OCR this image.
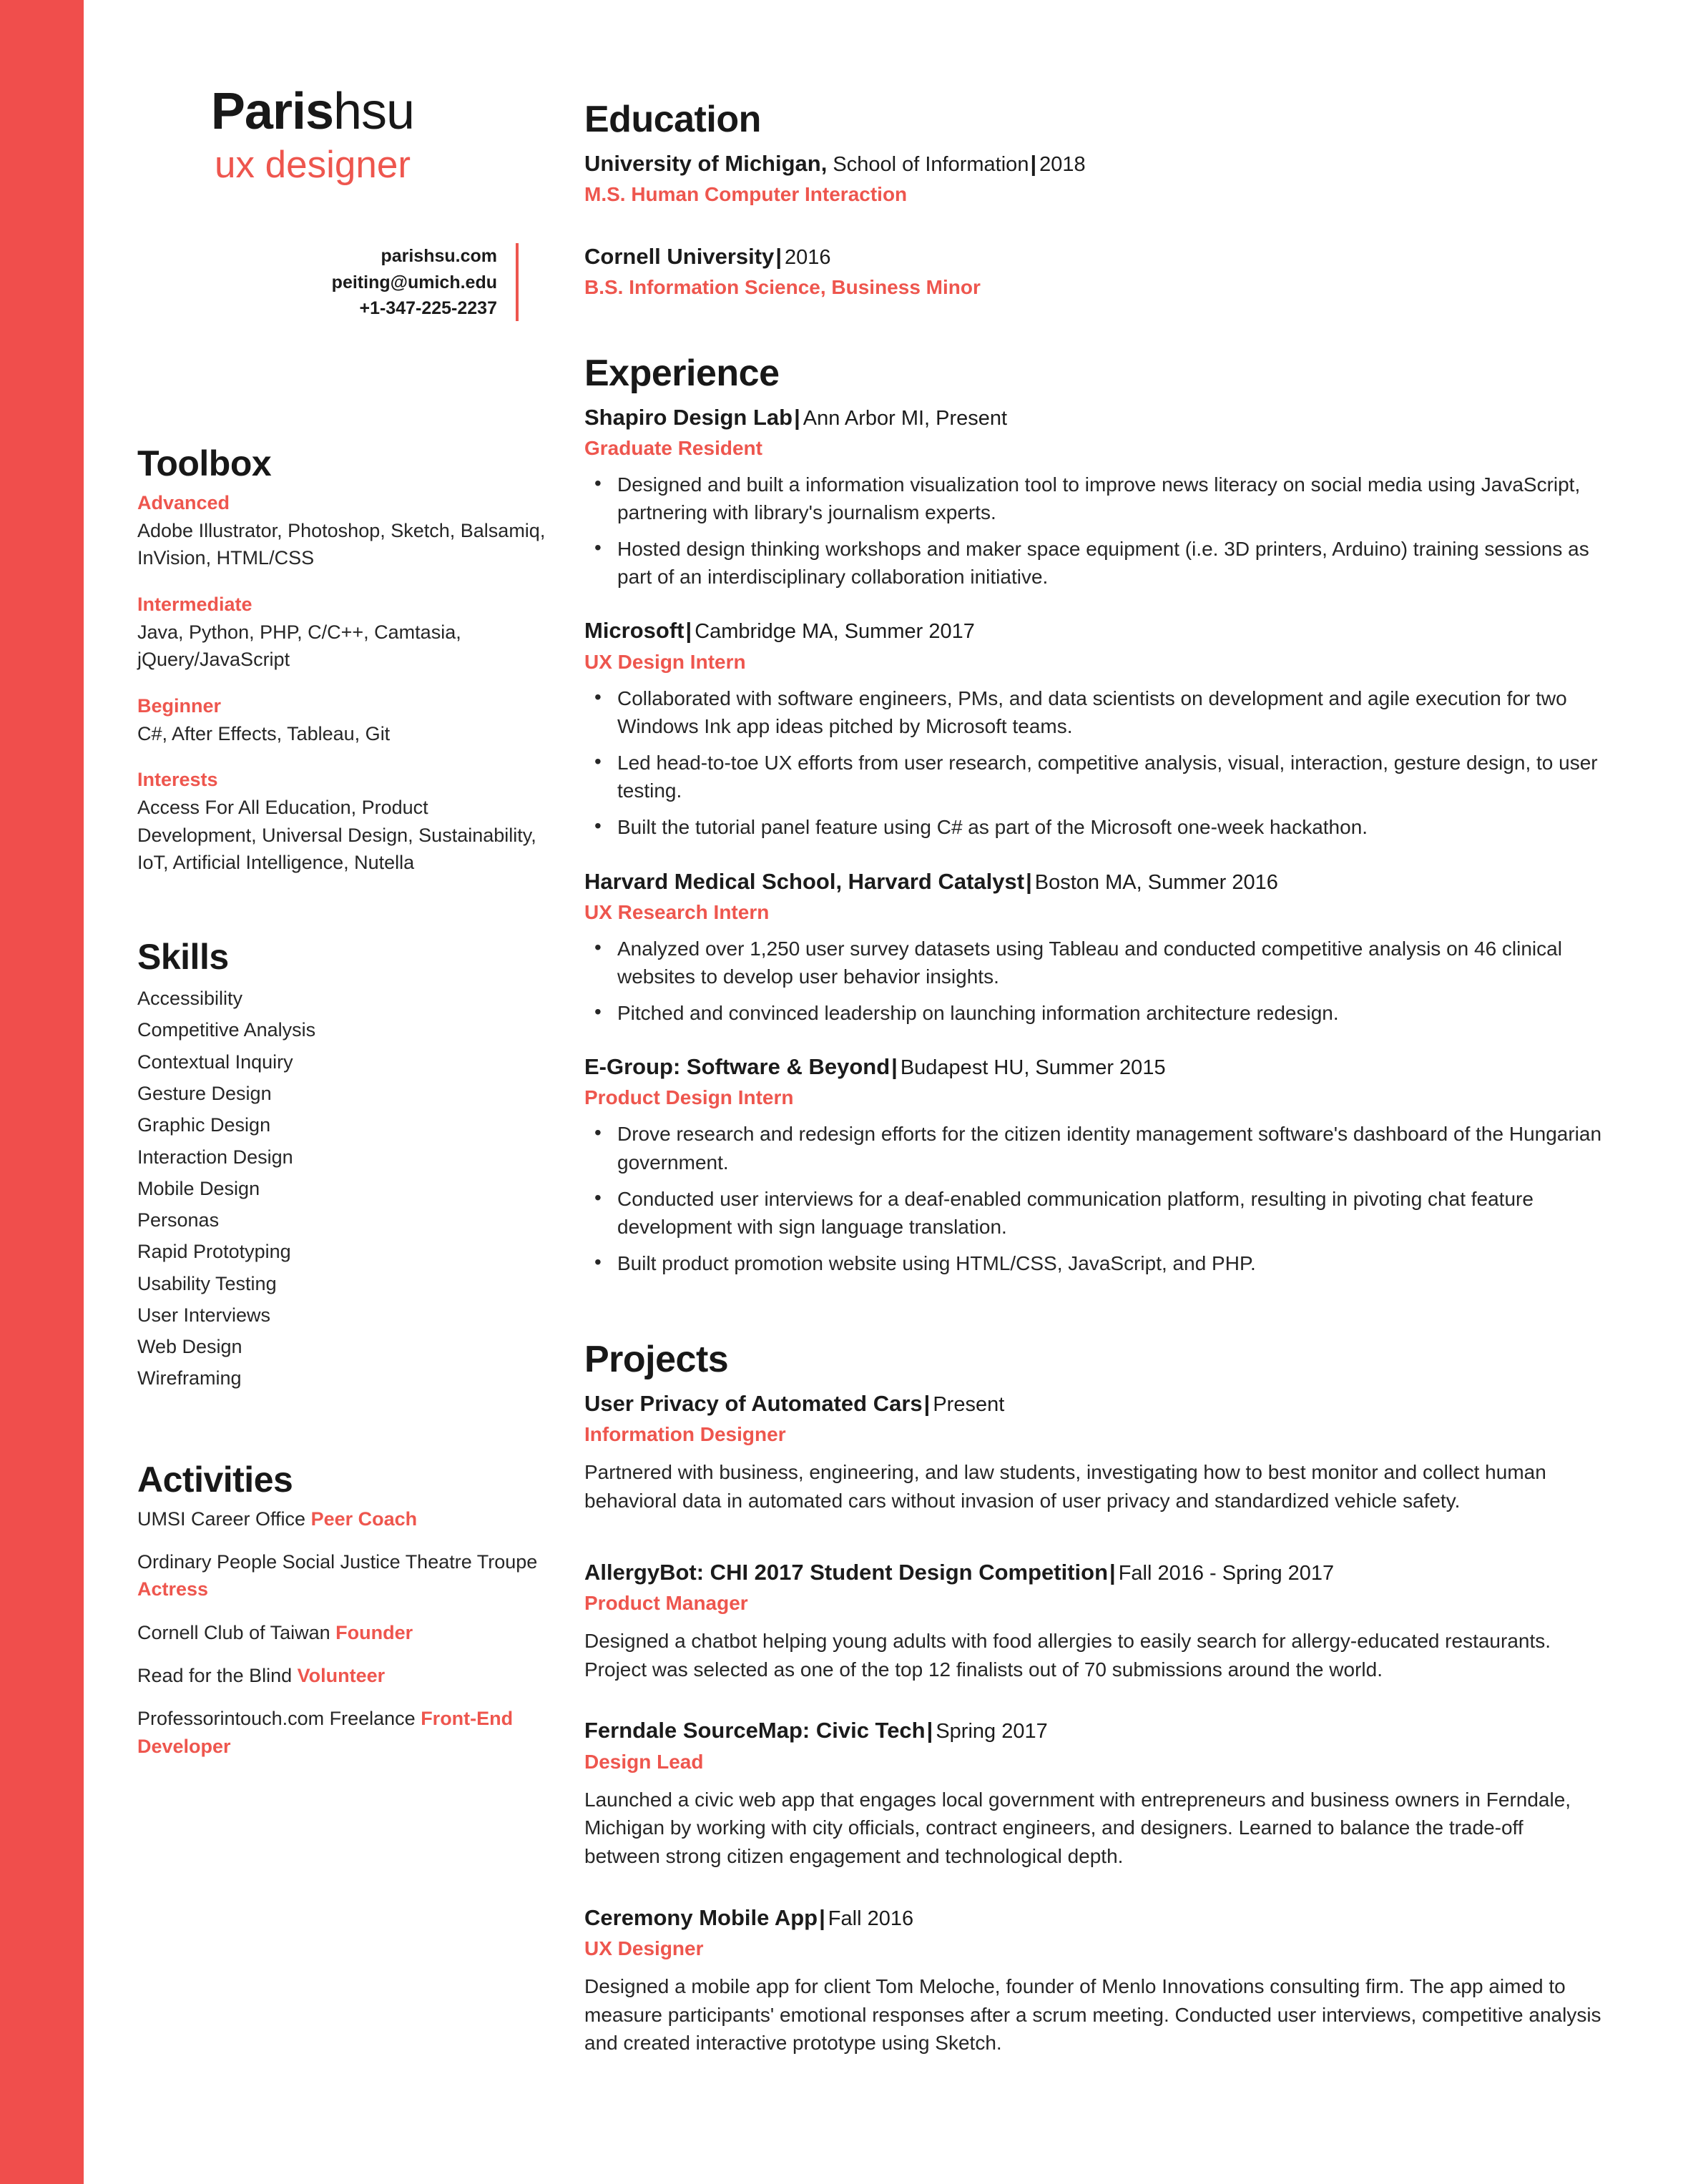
Parishsu
ux designer
parishsu.com
peiting@umich.edu
+1-347-225-2237
Toolbox
Advanced
Adobe Illustrator, Photoshop, Sketch, Balsamiq, InVision, HTML/CSS
Intermediate
Java, Python, PHP, C/C++, Camtasia, jQuery/JavaScript
Beginner
C#, After Effects, Tableau, Git
Interests
Access For All Education, Product Development, Universal Design, Sustainability, IoT, Artificial Intelligence, Nutella
Skills
Accessibility
Competitive Analysis
Contextual Inquiry
Gesture Design
Graphic Design
Interaction Design
Mobile Design
Personas
Rapid Prototyping
Usability Testing
User Interviews
Web Design
Wireframing
Activities
UMSI Career Office Peer Coach
Ordinary People Social Justice Theatre Troupe Actress
Cornell Club of Taiwan Founder
Read for the Blind Volunteer
Professorintouch.com Freelance Front-End Developer
Education
University of Michigan, School of Information| 2018
M.S. Human Computer Interaction
Cornell University| 2016
B.S. Information Science, Business Minor
Experience
Shapiro Design Lab| Ann Arbor MI, Present
Graduate Resident
• Designed and built a information visualization tool to improve news literacy on social media using JavaScript, partnering with library's journalism experts.
• Hosted design thinking workshops and maker space equipment (i.e. 3D printers, Arduino) training sessions as part of an interdisciplinary collaboration initiative.
Microsoft| Cambridge MA, Summer 2017
UX Design Intern
• Collaborated with software engineers, PMs, and data scientists on development and agile execution for two Windows Ink app ideas pitched by Microsoft teams.
• Led head-to-toe UX efforts from user research, competitive analysis, visual, interaction, gesture design, to user testing.
• Built the tutorial panel feature using C# as part of the Microsoft one-week hackathon.
Harvard Medical School, Harvard Catalyst| Boston MA, Summer 2016
UX Research Intern
• Analyzed over 1,250 user survey datasets using Tableau and conducted competitive analysis on 46 clinical websites to develop user behavior insights.
• Pitched and convinced leadership on launching information architecture redesign.
E-Group: Software & Beyond| Budapest HU, Summer 2015
Product Design Intern
• Drove research and redesign efforts for the citizen identity management software's dashboard of the Hungarian government.
• Conducted user interviews for a deaf-enabled communication platform, resulting in pivoting chat feature development with sign language translation.
• Built product promotion website using HTML/CSS, JavaScript, and PHP.
Projects
User Privacy of Automated Cars| Present
Information Designer
Partnered with business, engineering, and law students, investigating how to best monitor and collect human behavioral data in automated cars without invasion of user privacy and standardized vehicle safety.
AllergyBot: CHI 2017 Student Design Competition| Fall 2016 - Spring 2017
Product Manager
Designed a chatbot helping young adults with food allergies to easily search for allergy-educated restaurants. Project was selected as one of the top 12 finalists out of 70 submissions around the world.
Ferndale SourceMap: Civic Tech| Spring 2017
Design Lead
Launched a civic web app that engages local government with entrepreneurs and business owners in Ferndale, Michigan by working with city officials, contract engineers, and designers. Learned to balance the trade-off between strong citizen engagement and technological depth.
Ceremony Mobile App| Fall 2016
UX Designer
Designed a mobile app for client Tom Meloche, founder of Menlo Innovations consulting firm. The app aimed to measure participants' emotional responses after a scrum meeting. Conducted user interviews, competitive analysis and created interactive prototype using Sketch.
